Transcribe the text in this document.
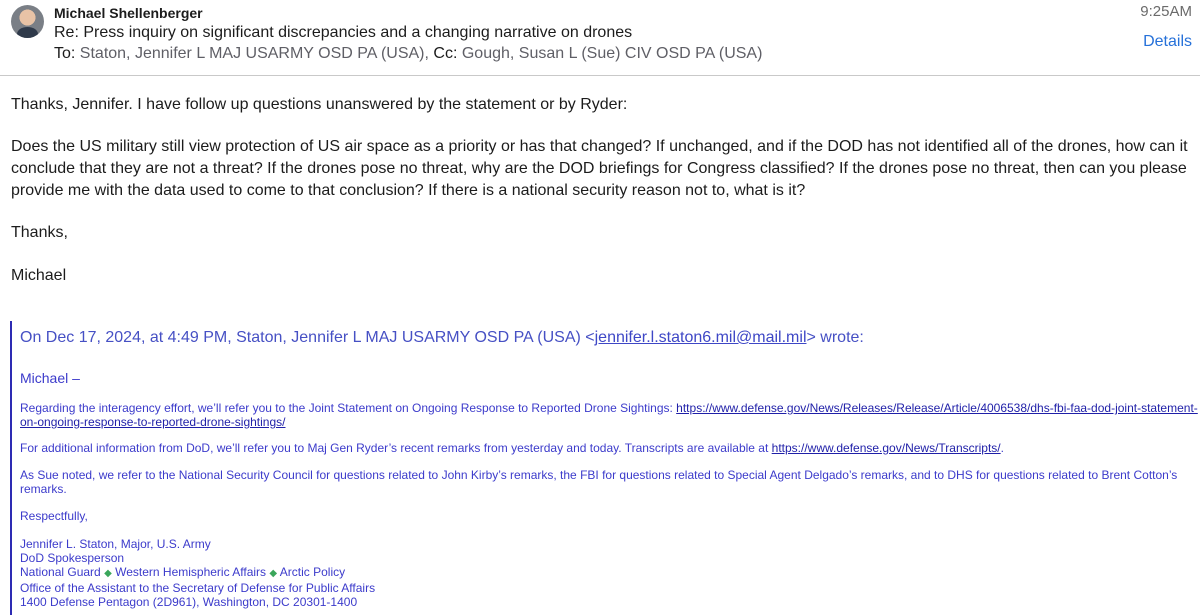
Michael Shellenberger	9:25AM
Re: Press inquiry on significant discrepancies and a changing narrative on drones
To: Staton, Jennifer L MAJ USARMY OSD PA (USA), Cc: Gough, Susan L (Sue) CIV OSD PA (USA)
Details

Thanks, Jennifer. I have follow up questions unanswered by the statement or by Ryder:

Does the US military still view protection of US air space as a priority or has that changed? If unchanged, and if the DOD has not identified all of the drones, how can it conclude that they are not a threat? If the drones pose no threat, why are the DOD briefings for Congress classified? If the drones pose no threat, then can you please provide me with the data used to come to that conclusion? If there is a national security reason not to, what is it?

Thanks,

Michael

On Dec 17, 2024, at 4:49 PM, Staton, Jennifer L MAJ USARMY OSD PA (USA) <jennifer.l.staton6.mil@mail.mil> wrote:
Michael –
Regarding the interagency effort, we’ll refer you to the Joint Statement on Ongoing Response to Reported Drone Sightings: https://www.defense.gov/News/Releases/Release/Article/4006538/dhs-fbi-faa-dod-joint-statement-on-ongoing-response-to-reported-drone-sightings/
For additional information from DoD, we’ll refer you to Maj Gen Ryder’s recent remarks from yesterday and today. Transcripts are available at https://www.defense.gov/News/Transcripts/.
As Sue noted, we refer to the National Security Council for questions related to John Kirby’s remarks, the FBI for questions related to Special Agent Delgado’s remarks, and to DHS for questions related to Brent Cotton’s remarks.
Respectfully,
Jennifer L. Staton, Major, U.S. Army
DoD Spokesperson
National Guard ◆ Western Hemispheric Affairs ◆ Arctic Policy
Office of the Assistant to the Secretary of Defense for Public Affairs
1400 Defense Pentagon (2D961), Washington, DC 20301-1400
